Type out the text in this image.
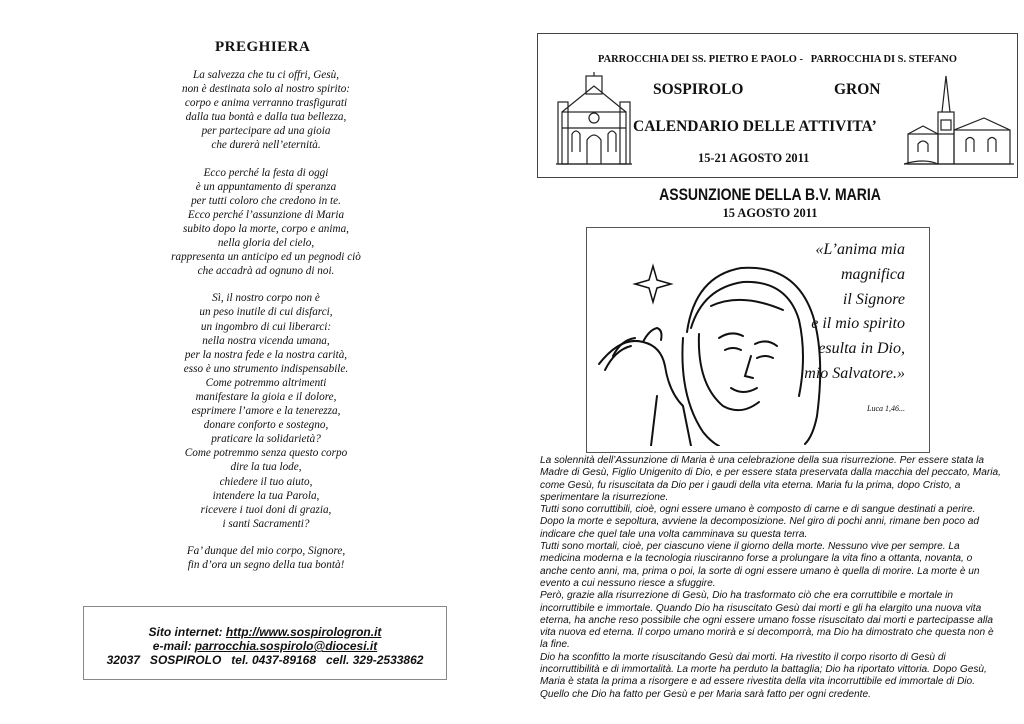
PREGHIERA
La salvezza che tu ci offri, Gesù,
non è destinata solo al nostro spirito:
corpo e anima verranno trasfigurati
dalla tua bontà e dalla tua bellezza,
per partecipare ad una gioia
che durerà nell’eternità.
Ecco perché la festa di oggi
è un appuntamento di speranza
per tutti coloro che credono in te.
Ecco perché l’assunzione di Maria
subito dopo la morte, corpo e anima,
nella gloria del cielo,
rappresenta un anticipo ed un pegnodi ciò
che accadrà ad ognuno di noi.
Sì, il nostro corpo non è
un peso inutile di cui disfarci,
un ingombro di cui liberarci:
nella nostra vicenda umana,
per la nostra fede e la nostra carità,
esso è uno strumento indispensabile.
Come potremmo altrimenti
manifestare la gioia e il dolore,
esprimere l’amore e la tenerezza,
donare conforto e sostegno,
praticare la solidarietà?
Come potremmo senza questo corpo
dire la tua lode,
chiedere il tuo aiuto,
intendere la tua Parola,
ricevere i tuoi doni di grazia,
i santi Sacramenti?
Fa’ dunque del mio corpo, Signore,
fin d’ora un segno della tua bontà!
Sito internet: http://www.sospirologron.it
e-mail: parrocchia.sospirolo@diocesi.it
32037   SOSPIROLO   tel. 0437-89168   cell. 329-2533862
PARROCCHIA DEI SS. PIETRO E PAOLO -   PARROCCHIA DI S. STEFANO
SOSPIROLO	GRON
CALENDARIO DELLE ATTIVITA’
15-21 AGOSTO 2011
ASSUNZIONE DELLA B.V. MARIA
15 AGOSTO 2011
«L’anima mia
magnifica
il Signore
e il mio spirito
esulta in Dio,
mio Salvatore.»
Luca 1,46...

La solennità dell’Assunzione di Maria è una celebrazione della sua risurrezione. Per essere stata la Madre di Gesù, Figlio Unigenito di Dio, e per essere stata preservata dalla macchia del peccato, Maria, come Gesù, fu risuscitata da Dio per i gaudi della vita eterna. Maria fu la prima, dopo Cristo, a sperimentare la risurrezione.

Tutti sono corruttibili, cioè, ogni essere umano è composto di carne e di sangue destinati a perire. Dopo la morte e sepoltura, avviene la decomposizione. Nel giro di pochi anni, rimane ben poco ad indicare che quel tale una volta camminava su questa terra.

Tutti sono mortali, cioè, per ciascuno viene il giorno della morte. Nessuno vive per sempre. La medicina moderna e la tecnologia riusciranno forse a prolungare la vita fino a ottanta, novanta, o anche cento anni, ma, prima o poi, la sorte di ogni essere umano è quella di morire. La morte è un evento a cui nessuno riesce a sfuggire.

Però, grazie alla risurrezione di Gesù, Dio ha trasformato ciò che era corruttibile e mortale in incorruttibile e immortale. Quando Dio ha risuscitato Gesù dai morti e gli ha elargito una nuova vita eterna, ha anche reso possibile che ogni essere umano fosse risuscitato dai morti e partecipasse alla vita nuova ed eterna. Il corpo umano morirà e si decomporrà, ma Dio ha dimostrato che questa non è la fine.

Dio ha sconfitto la morte risuscitando Gesù dai morti. Ha rivestito il corpo risorto di Gesù di incorruttibilità e di immortalità. La morte ha perduto la battaglia; Dio ha riportato vittoria. Dopo Gesù, Maria è stata la prima a risorgere e ad essere rivestita della vita incorruttibile ed immortale di Dio. Quello che Dio ha fatto per Gesù e per Maria sarà fatto per ogni credente.
